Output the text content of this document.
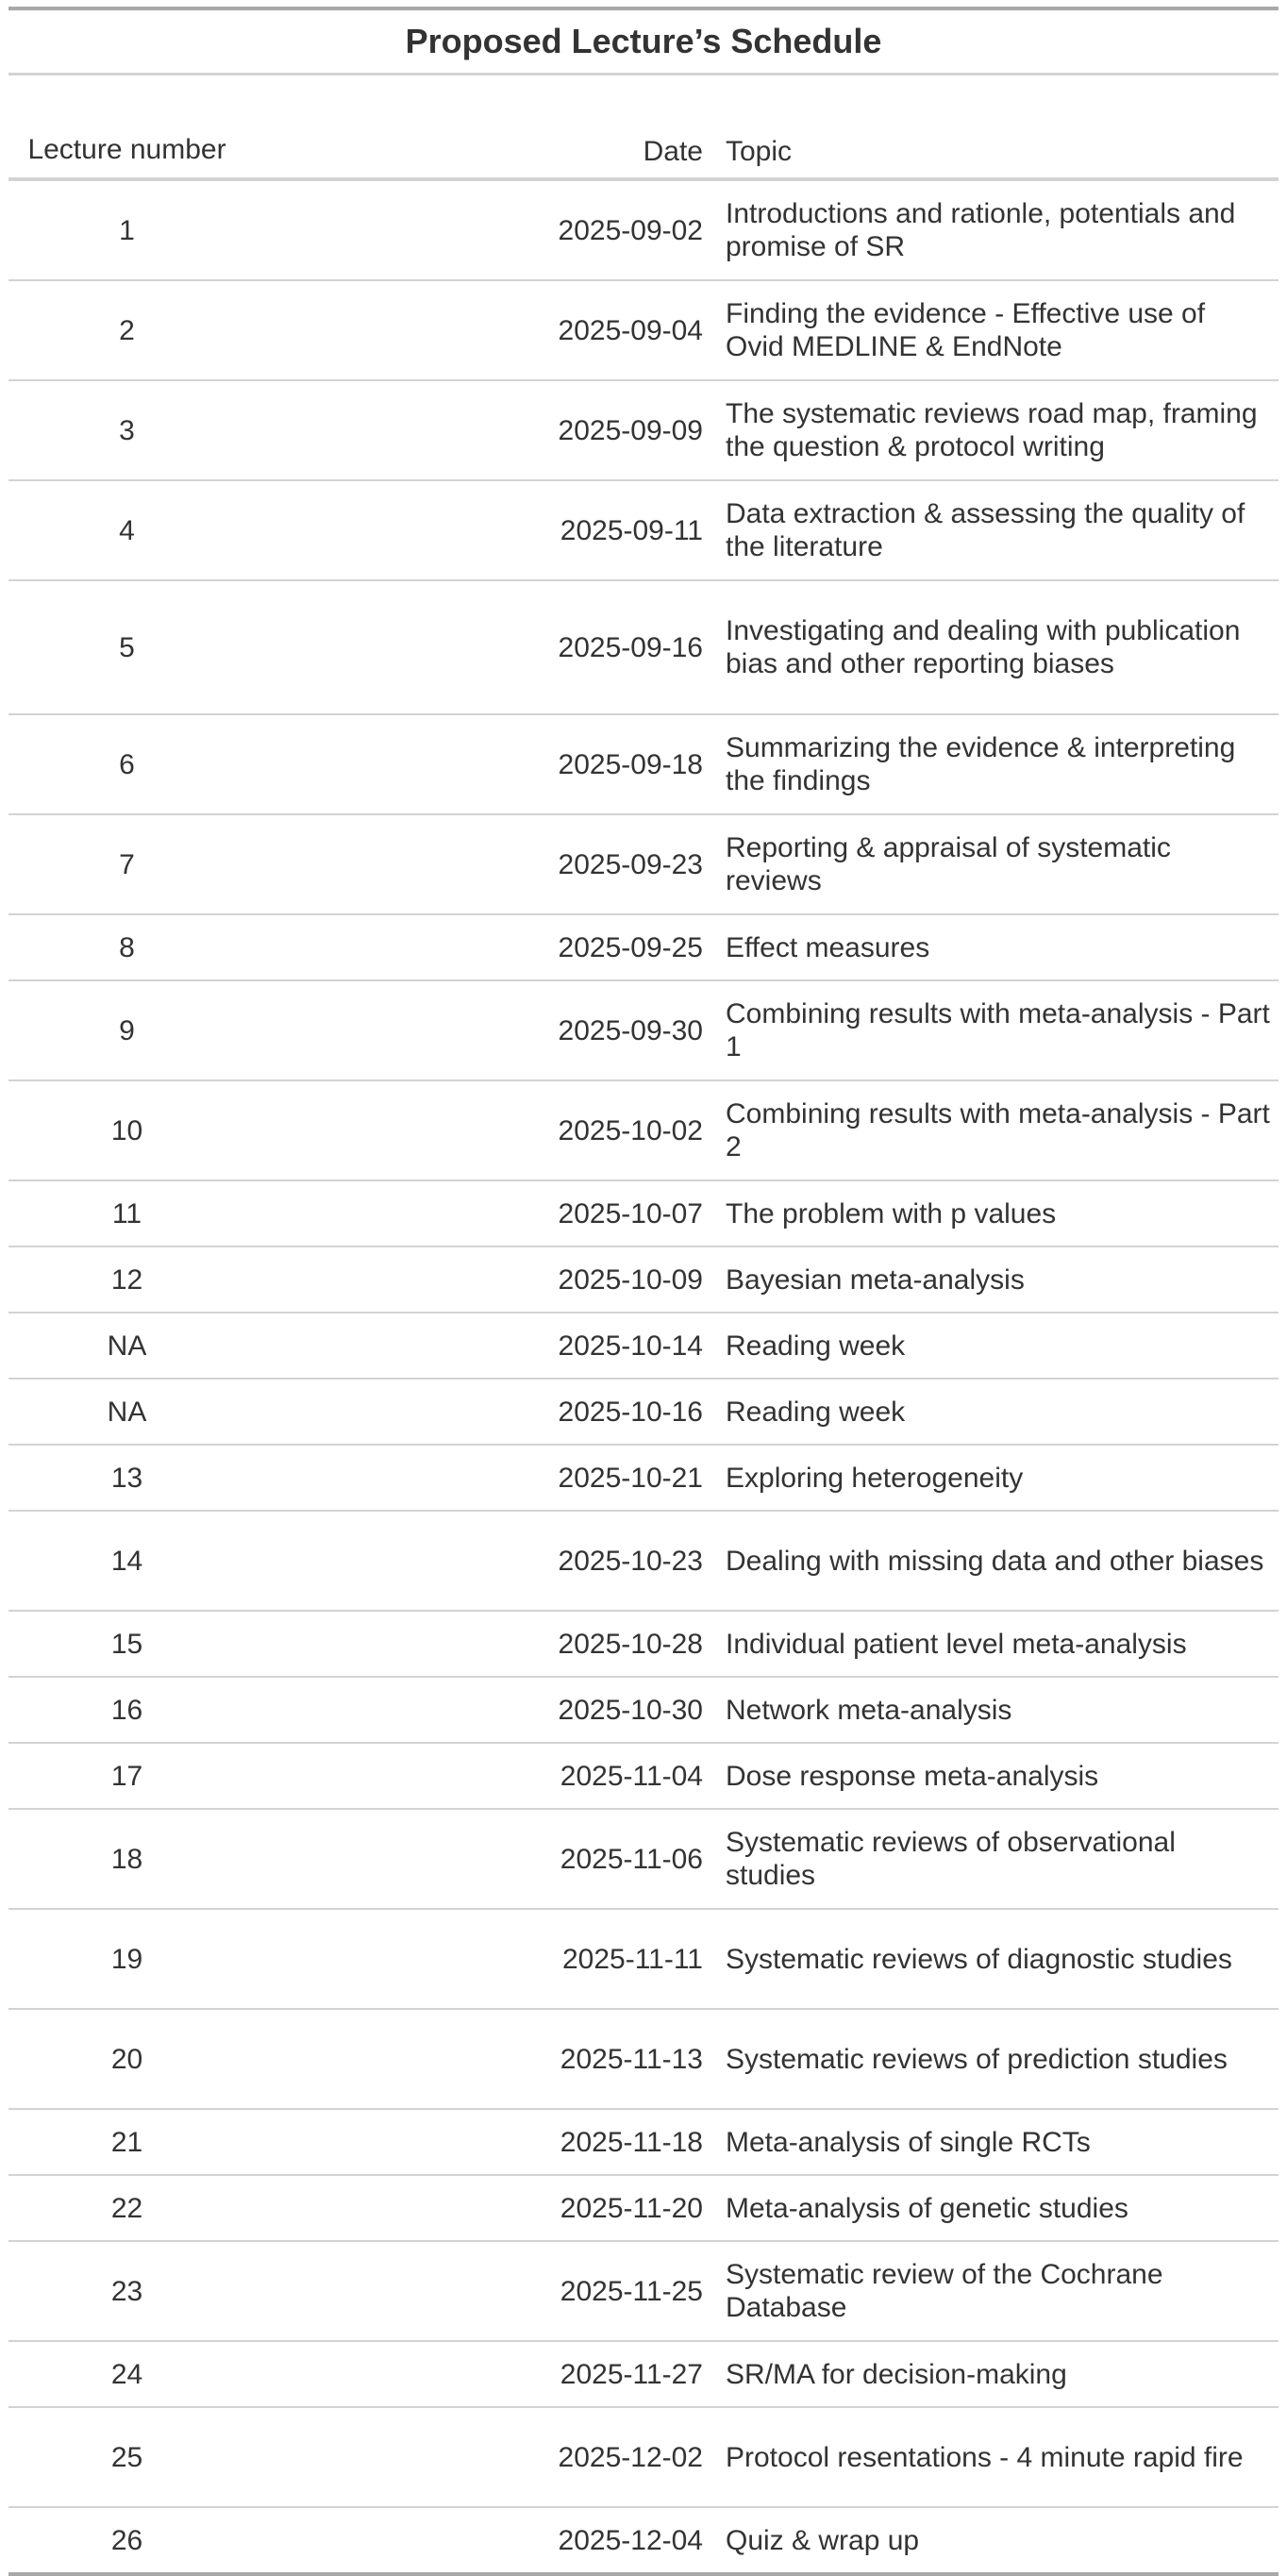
Proposed Lecture’s Schedule
Lecture number	Date	Topic
1	2025-09-02	Introductions and rationle, potentials and promise of SR
2	2025-09-04	Finding the evidence - Effective use of Ovid MEDLINE & EndNote
3	2025-09-09	The systematic reviews road map, framing the question & protocol writing
4	2025-09-11	Data extraction & assessing the quality of the literature
5	2025-09-16	Investigating and dealing with publication bias and other reporting biases
6	2025-09-18	Summarizing the evidence & interpreting the findings
7	2025-09-23	Reporting & appraisal of systematic reviews
8	2025-09-25	Effect measures
9	2025-09-30	Combining results with meta-analysis - Part 1
10	2025-10-02	Combining results with meta-analysis - Part 2
11	2025-10-07	The problem with p values
12	2025-10-09	Bayesian meta-analysis
NA	2025-10-14	Reading week
NA	2025-10-16	Reading week
13	2025-10-21	Exploring heterogeneity
14	2025-10-23	Dealing with missing data and other biases
15	2025-10-28	Individual patient level meta-analysis
16	2025-10-30	Network meta-analysis
17	2025-11-04	Dose response meta-analysis
18	2025-11-06	Systematic reviews of observational studies
19	2025-11-11	Systematic reviews of diagnostic studies
20	2025-11-13	Systematic reviews of prediction studies
21	2025-11-18	Meta-analysis of single RCTs
22	2025-11-20	Meta-analysis of genetic studies
23	2025-11-25	Systematic review of the Cochrane Database
24	2025-11-27	SR/MA for decision-making
25	2025-12-02	Protocol resentations - 4 minute rapid fire
26	2025-12-04	Quiz & wrap up
